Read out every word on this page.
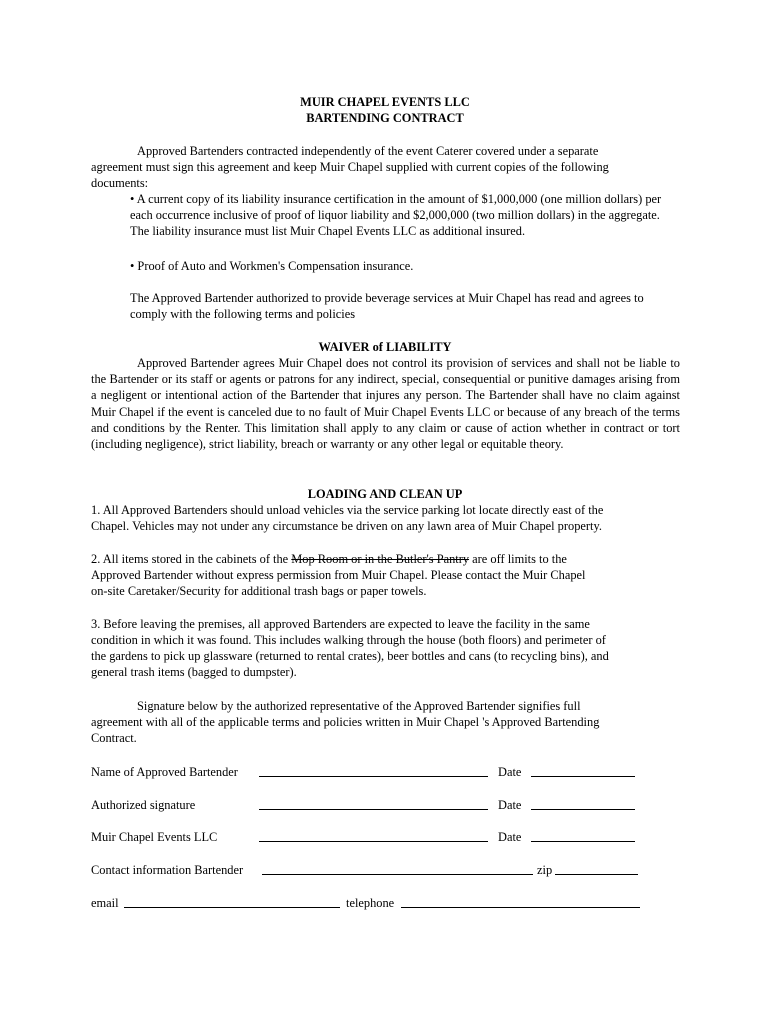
MUIR CHAPEL EVENTS LLC
BARTENDING CONTRACT
Approved Bartenders contracted independently of the event Caterer covered under a separate
agreement must sign this agreement and keep Muir Chapel supplied with current copies of the following
documents:
• A current copy of its liability insurance certification in the amount of $1,000,000 (one million dollars) per each occurrence inclusive of proof of liquor liability and $2,000,000 (two million dollars) in the aggregate. The liability insurance must list Muir Chapel Events LLC as additional insured.
• Proof of Auto and Workmen's Compensation insurance.
The Approved Bartender authorized to provide beverage services at Muir Chapel has read and agrees to comply with the following terms and policies
WAIVER of LIABILITY
Approved Bartender agrees Muir Chapel does not control its provision of services and shall not be liable to the Bartender or its staff or agents or patrons for any indirect, special, consequential or punitive damages arising from a negligent or intentional action of the Bartender that injures any person. The Bartender shall have no claim against Muir Chapel if the event is canceled due to no fault of Muir Chapel Events LLC or because of any breach of the terms and conditions by the Renter. This limitation shall apply to any claim or cause of action whether in contract or tort (including negligence), strict liability, breach or warranty or any other legal or equitable theory.
LOADING AND CLEAN UP
1. All Approved Bartenders should unload vehicles via the service parking lot locate directly east of the
Chapel. Vehicles may not under any circumstance be driven on any lawn area of Muir Chapel property.
2. All items stored in the cabinets of the Mop Room or in the Butler's Pantry are off limits to the
Approved Bartender without express permission from Muir Chapel. Please contact the Muir Chapel
on-site Caretaker/Security for additional trash bags or paper towels.
3. Before leaving the premises, all approved Bartenders are expected to leave the facility in the same
condition in which it was found. This includes walking through the house (both floors) and perimeter of
the gardens to pick up glassware (returned to rental crates), beer bottles and cans (to recycling bins), and
general trash items (bagged to dumpster).
Signature below by the authorized representative of the Approved Bartender signifies full
agreement with all of the applicable terms and policies written in Muir Chapel 's Approved Bartending
Contract.
Name of Approved Bartender	Date
Authorized signature	Date
Muir Chapel Events LLC	Date
Contact information Bartender	zip
email	telephone
